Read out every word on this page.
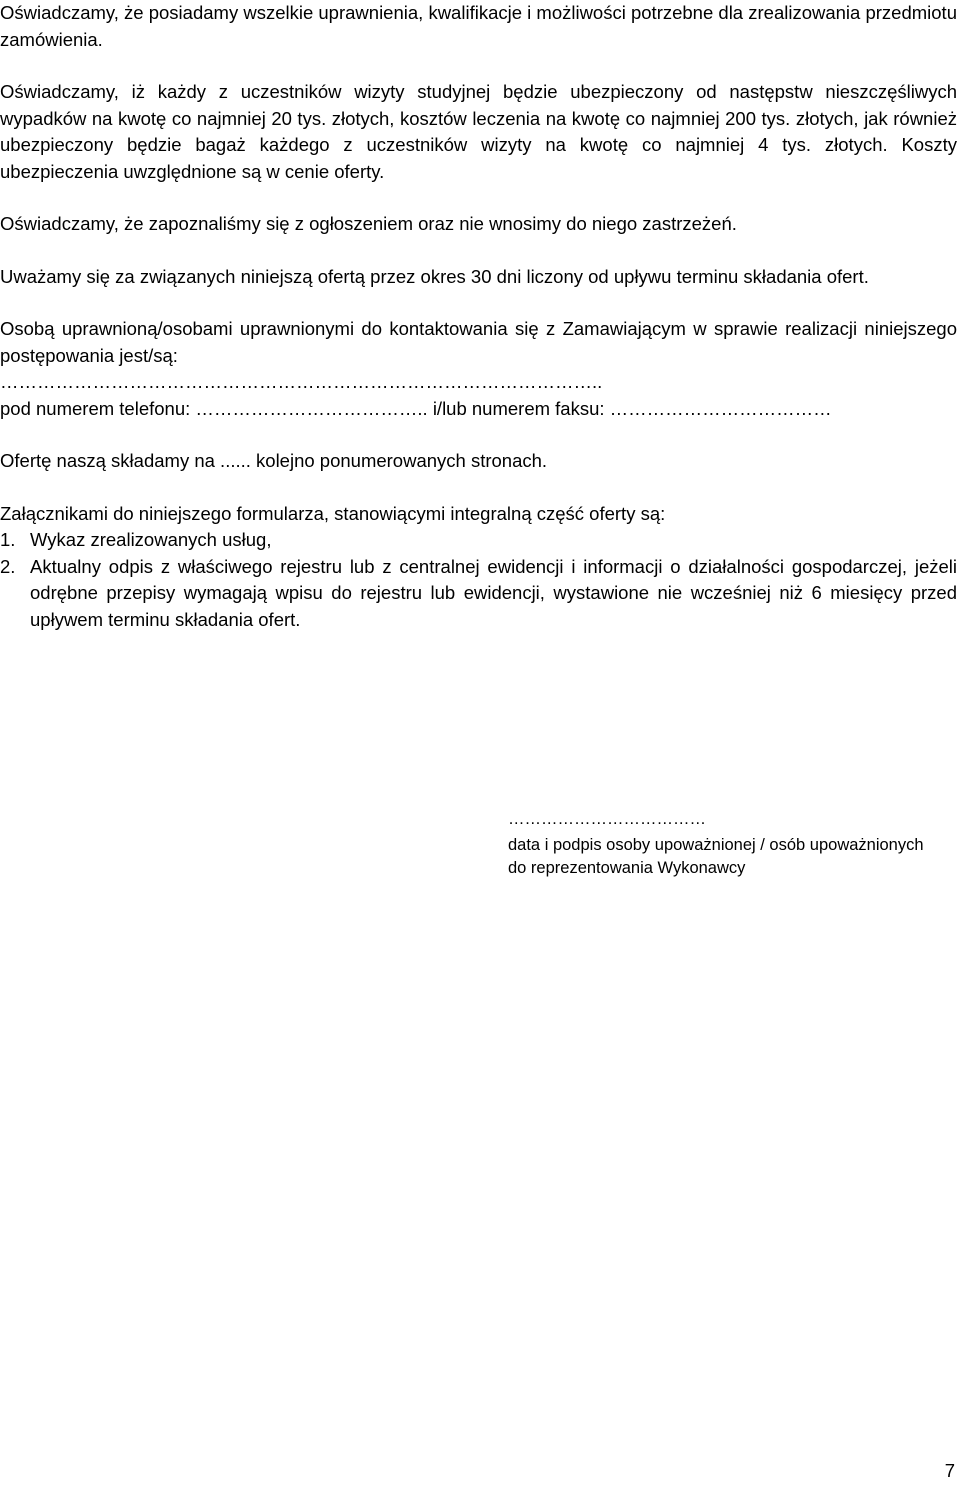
Oświadczamy, że posiadamy wszelkie uprawnienia, kwalifikacje i możliwości potrzebne dla zrealizowania przedmiotu zamówienia.

Oświadczamy, iż każdy z uczestników wizyty studyjnej będzie ubezpieczony od następstw nieszczęśliwych wypadków na kwotę co najmniej 20 tys. złotych, kosztów leczenia na kwotę co najmniej 200 tys. złotych, jak również ubezpieczony będzie bagaż każdego z uczestników wizyty na kwotę co najmniej 4 tys. złotych. Koszty ubezpieczenia uwzględnione są w cenie oferty.

Oświadczamy, że zapoznaliśmy się z ogłoszeniem oraz nie wnosimy do niego zastrzeżeń.

Uważamy się za związanych niniejszą ofertą przez okres 30 dni liczony od upływu terminu składania ofert.

Osobą uprawnioną/osobami uprawnionymi do kontaktowania się z Zamawiającym w sprawie realizacji niniejszego postępowania jest/są:

……………………………………………………………………………………..

pod numerem telefonu: ……………………………….. i/lub numerem faksu: ………………………………

Ofertę naszą składamy na ...... kolejno ponumerowanych stronach.

Załącznikami do niniejszego formularza, stanowiącymi integralną część oferty są:

1. Wykaz zrealizowanych usług,
2. Aktualny odpis z właściwego rejestru lub z centralnej ewidencji i informacji o działalności gospodarczej, jeżeli odrębne przepisy wymagają wpisu do rejestru lub ewidencji, wystawione nie wcześniej niż 6 miesięcy przed upływem terminu składania ofert.
………………………………
data i podpis osoby upoważnionej / osób upoważnionych
do reprezentowania Wykonawcy
7
